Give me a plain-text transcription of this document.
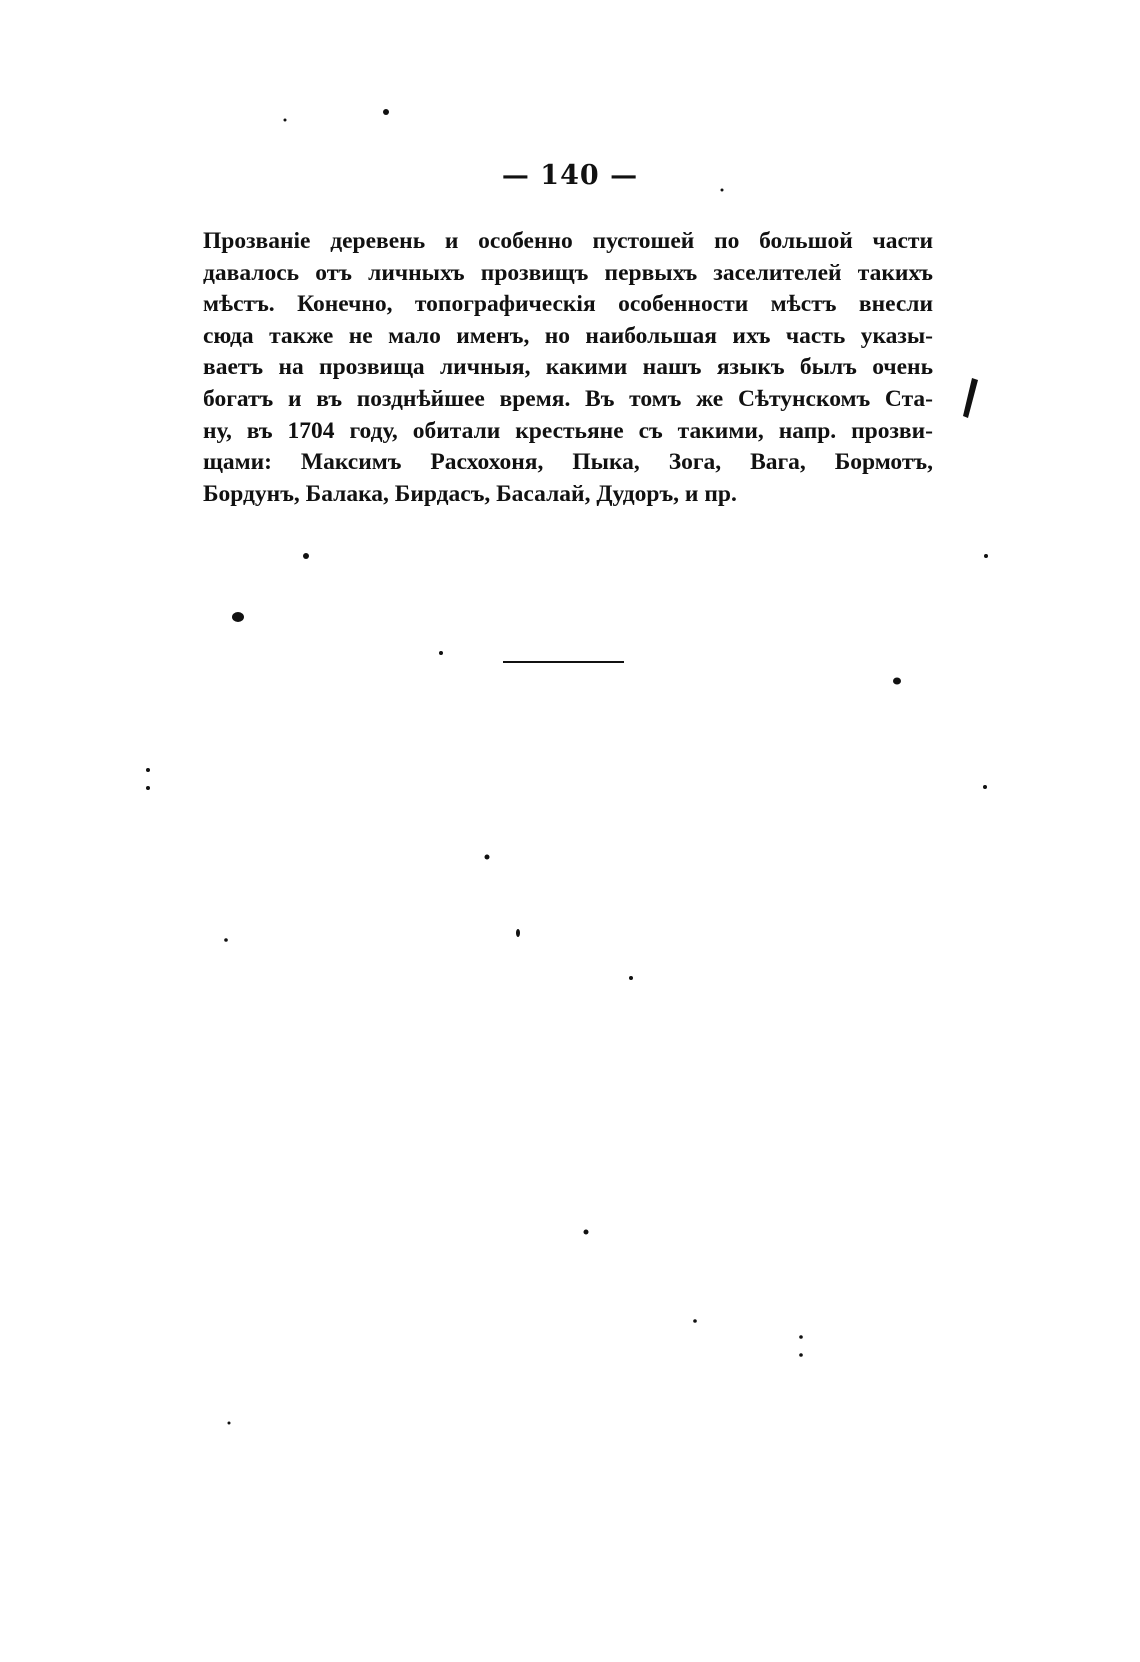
— 140 —
Прозванiе деревень и особенно пустошей по большой части
давалось отъ личныхъ прозвищъ первыхъ заселителей такихъ
мѣстъ. Конечно, топографическiя особенности мѣстъ внесли
сюда также не мало именъ, но наибольшая ихъ часть указы-
ваетъ на прозвища личныя, какими нашъ языкъ былъ очень
богатъ и въ позднѣйшее время. Въ томъ же Сѣтунскомъ Ста-
ну, въ 1704 году, обитали крестьяне съ такими, напр. прозви-
щами: Максимъ Расхохоня, Пыка, Зога, Вага, Бормотъ,
Бордунъ, Балака, Бирдасъ, Басалай, Дудоръ, и пр.
